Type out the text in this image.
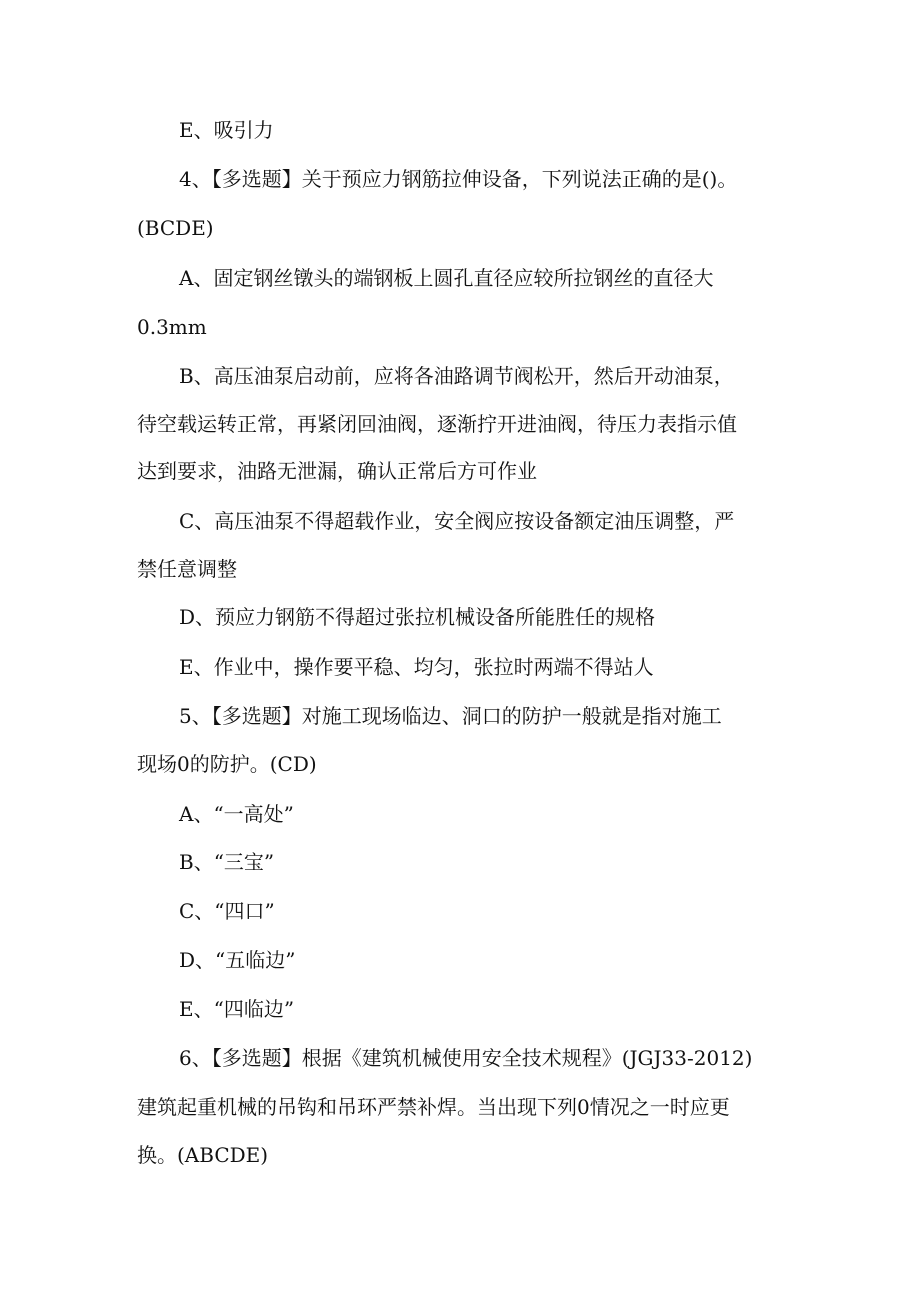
E、吸引力
4、【多选题】关于预应力钢筋拉伸设备，下列说法正确的是()。
(BCDE)
A、固定钢丝镦头的端钢板上圆孔直径应较所拉钢丝的直径大
0.3mm
B、高压油泵启动前，应将各油路调节阀松开，然后开动油泵，
待空载运转正常，再紧闭回油阀，逐渐拧开进油阀，待压力表指示值
达到要求，油路无泄漏，确认正常后方可作业
C、高压油泵不得超载作业，安全阀应按设备额定油压调整，严
禁任意调整
D、预应力钢筋不得超过张拉机械设备所能胜任的规格
E、作业中，操作要平稳、均匀，张拉时两端不得站人
5、【多选题】对施工现场临边、洞口的防护一般就是指对施工
现场0的防护。(CD)
A、“一高处”
B、“三宝”
C、“四口”
D、“五临边”
E、“四临边”
6、【多选题】根据《建筑机械使用安全技术规程》(JGJ33-2012)
建筑起重机械的吊钩和吊环严禁补焊。当出现下列0情况之一时应更
换。(ABCDE)
